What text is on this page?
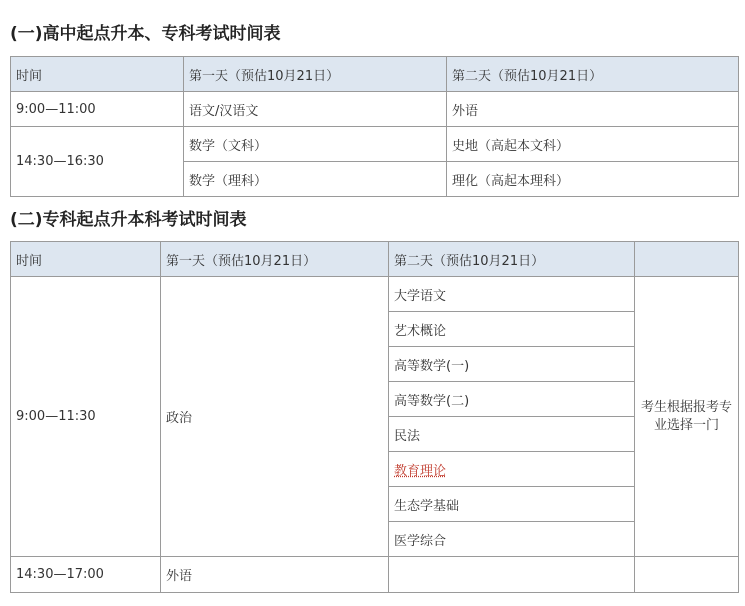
(一)高中起点升本、专科考试时间表
时间	第一天（预估10月21日）	第二天（预估10月21日）
9:00—11:00	语文/汉语文	外语
14:30—16:30	数学（文科）	史地（高起本文科）
	数学（理科）	理化（高起本理科）
(二)专科起点升本科考试时间表
时间	第一天（预估10月21日）	第二天（预估10月21日）	
9:00—11:30	政治	大学语文	考生根据报考专业选择一门
		艺术概论	
		高等数学(一)	
		高等数学(二)	
		民法	
		教育理论	
		生态学基础	
		医学综合	
14:30—17:00	外语		
